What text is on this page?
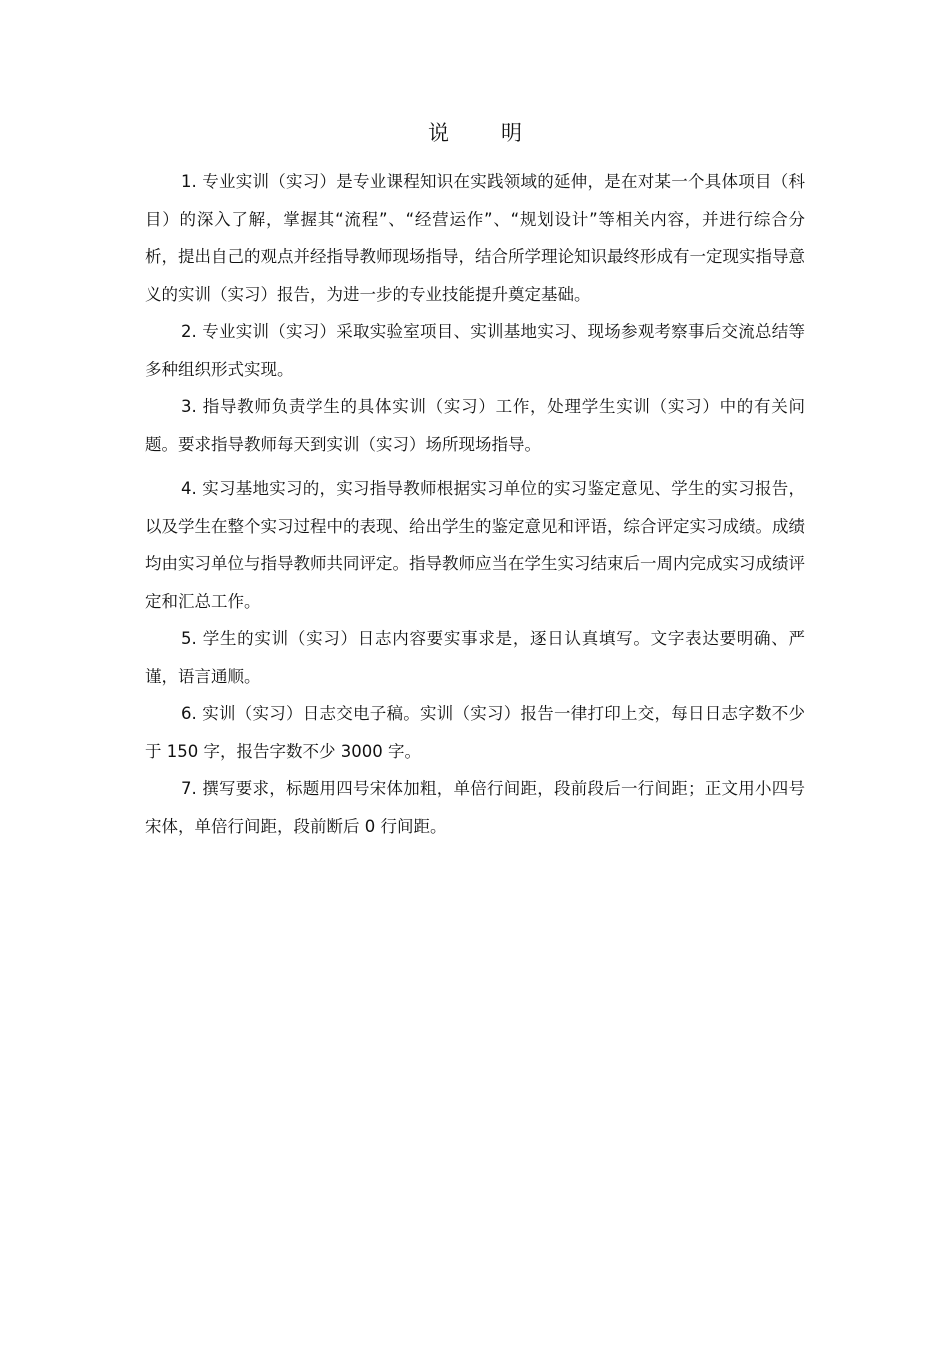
说明

1. 专业实训（实习）是专业课程知识在实践领域的延伸，是在对某一个具体项目（科目）的深入了解，掌握其“流程”、“经营运作”、“规划设计”等相关内容，并进行综合分析，提出自己的观点并经指导教师现场指导，结合所学理论知识最终形成有一定现实指导意义的实训（实习）报告，为进一步的专业技能提升奠定基础。

2. 专业实训（实习）采取实验室项目、实训基地实习、现场参观考察事后交流总结等多种组织形式实现。

3. 指导教师负责学生的具体实训（实习）工作，处理学生实训（实习）中的有关问题。要求指导教师每天到实训（实习）场所现场指导。

4. 实习基地实习的，实习指导教师根据实习单位的实习鉴定意见、学生的实习报告，以及学生在整个实习过程中的表现、给出学生的鉴定意见和评语，综合评定实习成绩。成绩均由实习单位与指导教师共同评定。指导教师应当在学生实习结束后一周内完成实习成绩评定和汇总工作。

5. 学生的实训（实习）日志内容要实事求是，逐日认真填写。文字表达要明确、严谨，语言通顺。

6. 实训（实习）日志交电子稿。实训（实习）报告一律打印上交，每日日志字数不少于 150 字，报告字数不少 3000 字。

7. 撰写要求，标题用四号宋体加粗，单倍行间距，段前段后一行间距；正文用小四号宋体，单倍行间距，段前断后 0 行间距。
